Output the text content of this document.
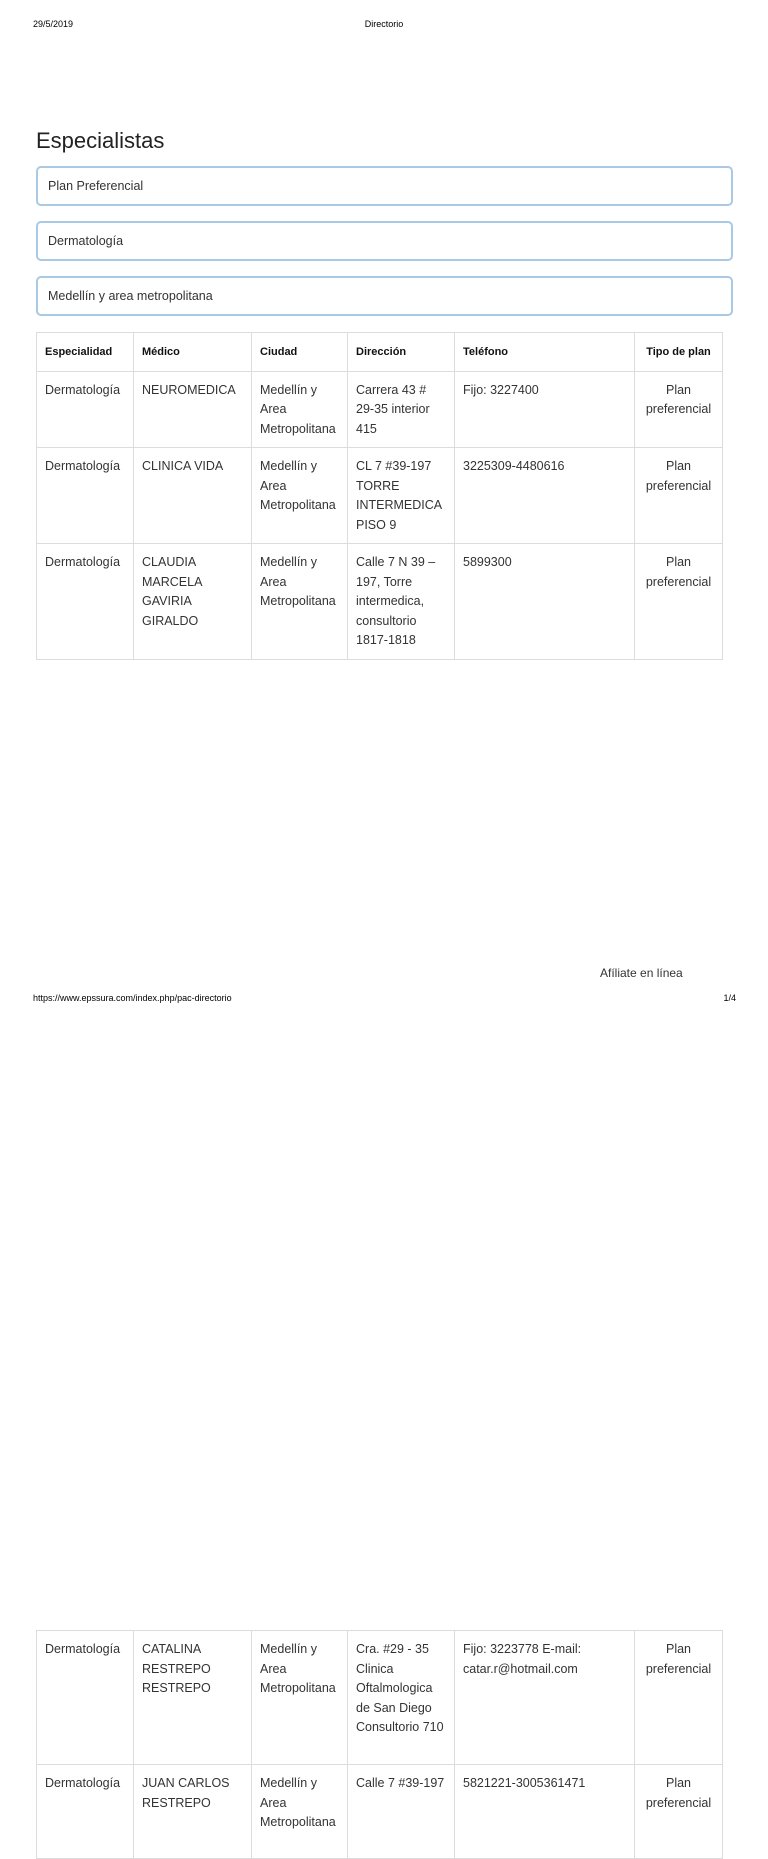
29/5/2019	Directorio
Especialistas
Plan Preferencial
Dermatología
Medellín y area metropolitana
Especialidad	Médico	Ciudad	Dirección	Teléfono	Tipo de plan
Dermatología	NEUROMEDICA	Medellín y Area Metropolitana	Carrera 43 # 29-35 interior 415	Fijo: 3227400	Plan preferencial
Dermatología	CLINICA VIDA	Medellín y Area Metropolitana	CL 7 #39-197 TORRE INTERMEDICA PISO 9	3225309-4480616	Plan preferencial
Dermatología	CLAUDIA MARCELA GAVIRIA GIRALDO	Medellín y Area Metropolitana	Calle 7 N 39 – 197, Torre intermedica, consultorio 1817-1818	5899300	Plan preferencial
Dermatología	CATALINA RESTREPO RESTREPO	Medellín y Area Metropolitana	Cra. #29 - 35 Clinica Oftalmologica de San Diego Consultorio 710	Fijo: 3223778 E-mail: catar.r@hotmail.com	Plan preferencial
Dermatología	JUAN CARLOS RESTREPO	Medellín y Area Metropolitana	Calle 7 #39-197	5821221-3005361471	Plan preferencial
Afíliate en línea
https://www.epssura.com/index.php/pac-directorio	1/4
